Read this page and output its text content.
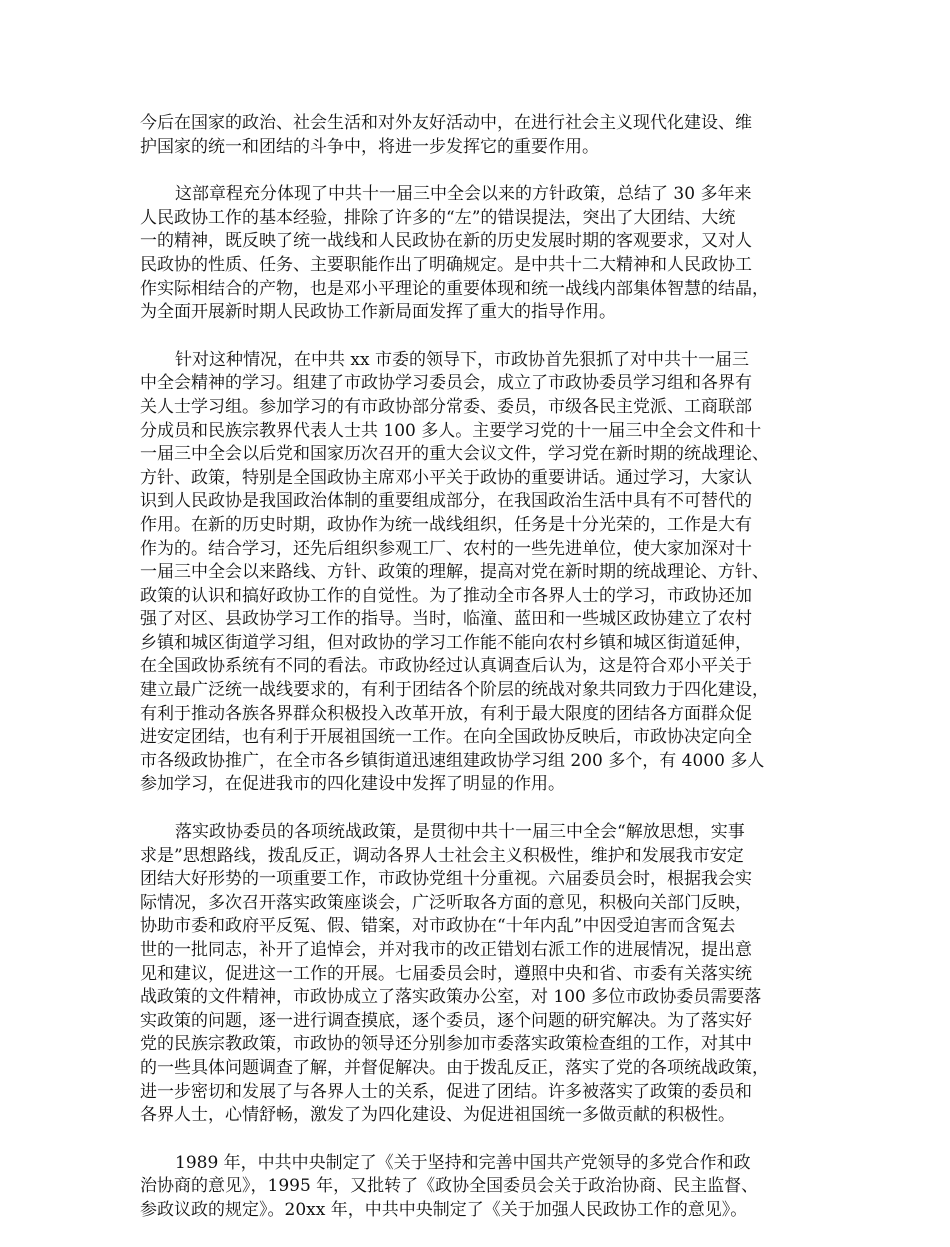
今后在国家的政治、社会生活和对外友好活动中，在进行社会主义现代化建设、维
护国家的统一和团结的斗争中，将进一步发挥它的重要作用。

这部章程充分体现了中共十一届三中全会以来的方针政策，总结了 30 多年来
人民政协工作的基本经验，排除了许多的“左”的错误提法，突出了大团结、大统
一的精神，既反映了统一战线和人民政协在新的历史发展时期的客观要求，又对人
民政协的性质、任务、主要职能作出了明确规定。是中共十二大精神和人民政协工
作实际相结合的产物，也是邓小平理论的重要体现和统一战线内部集体智慧的结晶，
为全面开展新时期人民政协工作新局面发挥了重大的指导作用。

针对这种情况，在中共 xx 市委的领导下，市政协首先狠抓了对中共十一届三
中全会精神的学习。组建了市政协学习委员会，成立了市政协委员学习组和各界有
关人士学习组。参加学习的有市政协部分常委、委员，市级各民主党派、工商联部
分成员和民族宗教界代表人士共 100 多人。主要学习党的十一届三中全会文件和十
一届三中全会以后党和国家历次召开的重大会议文件，学习党在新时期的统战理论、
方针、政策，特别是全国政协主席邓小平关于政协的重要讲话。通过学习，大家认
识到人民政协是我国政治体制的重要组成部分，在我国政治生活中具有不可替代的
作用。在新的历史时期，政协作为统一战线组织，任务是十分光荣的，工作是大有
作为的。结合学习，还先后组织参观工厂、农村的一些先进单位，使大家加深对十
一届三中全会以来路线、方针、政策的理解，提高对党在新时期的统战理论、方针、
政策的认识和搞好政协工作的自觉性。为了推动全市各界人士的学习，市政协还加
强了对区、县政协学习工作的指导。当时，临潼、蓝田和一些城区政协建立了农村
乡镇和城区街道学习组，但对政协的学习工作能不能向农村乡镇和城区街道延伸，
在全国政协系统有不同的看法。市政协经过认真调查后认为，这是符合邓小平关于
建立最广泛统一战线要求的，有利于团结各个阶层的统战对象共同致力于四化建设，
有利于推动各族各界群众积极投入改革开放，有利于最大限度的团结各方面群众促
进安定团结，也有利于开展祖国统一工作。在向全国政协反映后，市政协决定向全
市各级政协推广，在全市各乡镇街道迅速组建政协学习组 200 多个，有 4000 多人
参加学习，在促进我市的四化建设中发挥了明显的作用。

落实政协委员的各项统战政策，是贯彻中共十一届三中全会“解放思想，实事
求是”思想路线，拨乱反正，调动各界人士社会主义积极性，维护和发展我市安定
团结大好形势的一项重要工作，市政协党组十分重视。六届委员会时，根据我会实
际情况，多次召开落实政策座谈会，广泛听取各方面的意见，积极向关部门反映，
协助市委和政府平反冤、假、错案，对市政协在“十年内乱”中因受迫害而含冤去
世的一批同志，补开了追悼会，并对我市的改正错划右派工作的进展情况，提出意
见和建议，促进这一工作的开展。七届委员会时，遵照中央和省、市委有关落实统
战政策的文件精神，市政协成立了落实政策办公室，对 100 多位市政协委员需要落
实政策的问题，逐一进行调查摸底，逐个委员，逐个问题的研究解决。为了落实好
党的民族宗教政策，市政协的领导还分别参加市委落实政策检查组的工作，对其中
的一些具体问题调查了解，并督促解决。由于拨乱反正，落实了党的各项统战政策，
进一步密切和发展了与各界人士的关系，促进了团结。许多被落实了政策的委员和
各界人士，心情舒畅，激发了为四化建设、为促进祖国统一多做贡献的积极性。

1989 年，中共中央制定了《关于坚持和完善中国共产党领导的多党合作和政
治协商的意见》，1995 年，又批转了《政协全国委员会关于政治协商、民主监督、
参政议政的规定》。20xx 年，中共中央制定了《关于加强人民政协工作的意见》。
